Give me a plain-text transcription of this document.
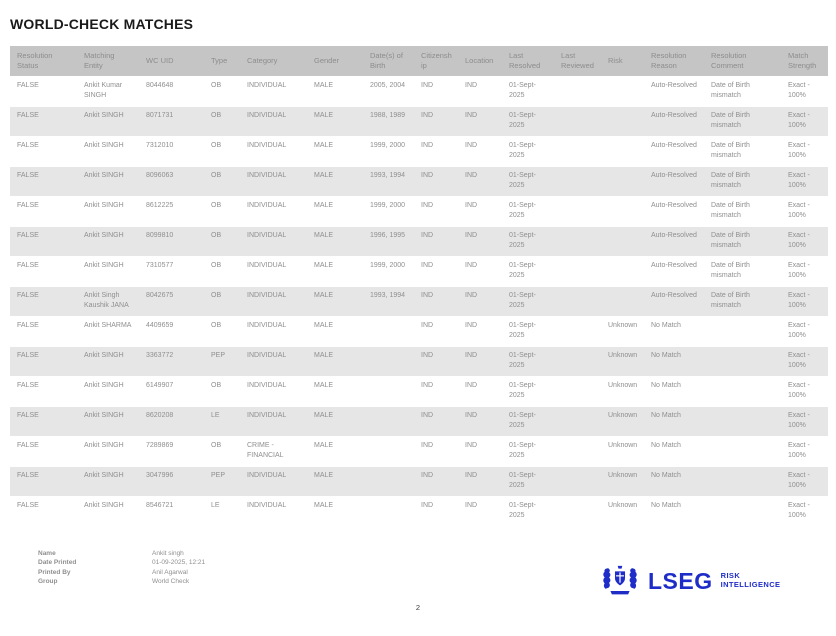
WORLD-CHECK MATCHES
Resolution Status	Matching Entity	WC UID	Type	Category	Gender	Date(s) of Birth	Citizenship	Location	Last Resolved	Last Reviewed	Risk	Resolution Reason	Resolution Comment	Match Strength
FALSE	Ankit Kumar SINGH	8044648	OB	INDIVIDUAL	MALE	2005, 2004	IND	IND	01-Sept-2025			Auto-Resolved	Date of Birth mismatch	Exact - 100%
FALSE	Ankit SINGH	8071731	OB	INDIVIDUAL	MALE	1988, 1989	IND	IND	01-Sept-2025			Auto-Resolved	Date of Birth mismatch	Exact - 100%
FALSE	Ankit SINGH	7312010	OB	INDIVIDUAL	MALE	1999, 2000	IND	IND	01-Sept-2025			Auto-Resolved	Date of Birth mismatch	Exact - 100%
FALSE	Ankit SINGH	8096063	OB	INDIVIDUAL	MALE	1993, 1994	IND	IND	01-Sept-2025			Auto-Resolved	Date of Birth mismatch	Exact - 100%
FALSE	Ankit SINGH	8612225	OB	INDIVIDUAL	MALE	1999, 2000	IND	IND	01-Sept-2025			Auto-Resolved	Date of Birth mismatch	Exact - 100%
FALSE	Ankit SINGH	8099810	OB	INDIVIDUAL	MALE	1996, 1995	IND	IND	01-Sept-2025			Auto-Resolved	Date of Birth mismatch	Exact - 100%
FALSE	Ankit SINGH	7310577	OB	INDIVIDUAL	MALE	1999, 2000	IND	IND	01-Sept-2025			Auto-Resolved	Date of Birth mismatch	Exact - 100%
FALSE	Ankit Singh Kaushik JANA	8042675	OB	INDIVIDUAL	MALE	1993, 1994	IND	IND	01-Sept-2025			Auto-Resolved	Date of Birth mismatch	Exact - 100%
FALSE	Ankit SHARMA	4409659	OB	INDIVIDUAL	MALE		IND	IND	01-Sept-2025		Unknown	No Match		Exact - 100%
FALSE	Ankit SINGH	3363772	PEP	INDIVIDUAL	MALE		IND	IND	01-Sept-2025		Unknown	No Match		Exact - 100%
FALSE	Ankit SINGH	6149907	OB	INDIVIDUAL	MALE		IND	IND	01-Sept-2025		Unknown	No Match		Exact - 100%
FALSE	Ankit SINGH	8620208	LE	INDIVIDUAL	MALE		IND	IND	01-Sept-2025		Unknown	No Match		Exact - 100%
FALSE	Ankit SINGH	7289869	OB	CRIME - FINANCIAL	MALE		IND	IND	01-Sept-2025		Unknown	No Match		Exact - 100%
FALSE	Ankit SINGH	3047996	PEP	INDIVIDUAL	MALE		IND	IND	01-Sept-2025		Unknown	No Match		Exact - 100%
FALSE	Ankit SINGH	8546721	LE	INDIVIDUAL	MALE		IND	IND	01-Sept-2025		Unknown	No Match		Exact - 100%
Name	Ankit singh
Date Printed	01-09-2025, 12:21
Printed By	Anil Agarwal
Group	World Check	LSEG RISK
INTELLIGENCE
2
